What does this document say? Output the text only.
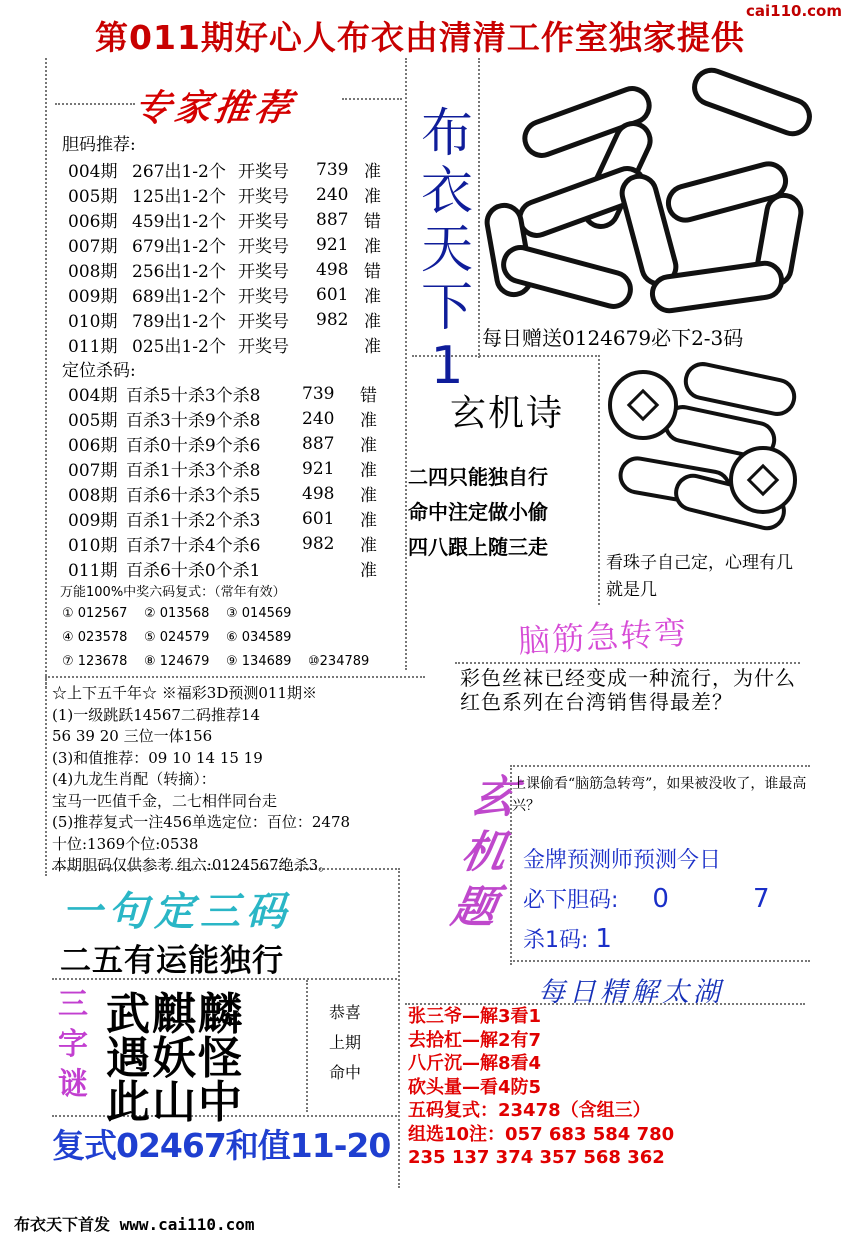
cai110.com
第011期好心人布衣由清清工作室独家提供
专家推荐
胆码推荐:
004期	267出1-2个	开奖号	739	准
005期	125出1-2个	开奖号	240	准
006期	459出1-2个	开奖号	887	错
007期	679出1-2个	开奖号	921	准
008期	256出1-2个	开奖号	498	错
009期	689出1-2个	开奖号	601	准
010期	789出1-2个	开奖号	982	准
011期	025出1-2个	开奖号		准
定位杀码:
004期	百杀5十杀3个杀8	739	错
005期	百杀3十杀9个杀8	240	准
006期	百杀0十杀9个杀6	887	准
007期	百杀1十杀3个杀8	921	准
008期	百杀6十杀3个杀5	498	准
009期	百杀1十杀2个杀3	601	准
010期	百杀7十杀4个杀6	982	准
011期	百杀6十杀0个杀1		准
万能100%中奖六码复式：（常年有效）
① 012567 ② 013568 ③ 014569
④ 023578 ⑤ 024579 ⑥ 034589
⑦ 123678 ⑧ 124679 ⑨ 134689 ⑩234789
☆上下五千年☆ ※福彩3D预测011期※
(1)一级跳跃14567二码推荐14
56 39 20 三位一体156
(3)和值推荐：09 10 14 15 19
(4)九龙生肖配（转摘）：
宝马一匹值千金，二七相伴同台走
(5)推荐复式一注456单选定位：百位：2478
十位:1369个位:0538
本期胆码仅供参考 组六:0124567绝杀3。
一句定三码
二五有运能独行
三字谜
武麒麟
遇妖怪
此山中
恭喜
上期
命中
复式02467和值11-20
布衣天下首发 www.cai110.com
布
衣
天
下
1 每日赠送0124679必下2-3码
玄机诗
二四只能独自行
命中注定做小偷
四八跟上随三走
看珠子自己定，心理有几就是几
脑筋急转弯
彩色丝袜已经变成一种流行，为什么红色系列在台湾销售得最差？
玄
机
题
上课偷看“脑筋急转弯”，如果被没收了，谁最高兴？
金牌预测师预测今日
必下胆码: 0	7
杀1码: 1
每日精解太湖
张三爷—解3看1
去拾杠—解2有7
八斤沉—解8看4
砍头量—看4防5
五码复式：23478（含组三）
组选10注：057 683 584 780
235 137 374 357 568 362
